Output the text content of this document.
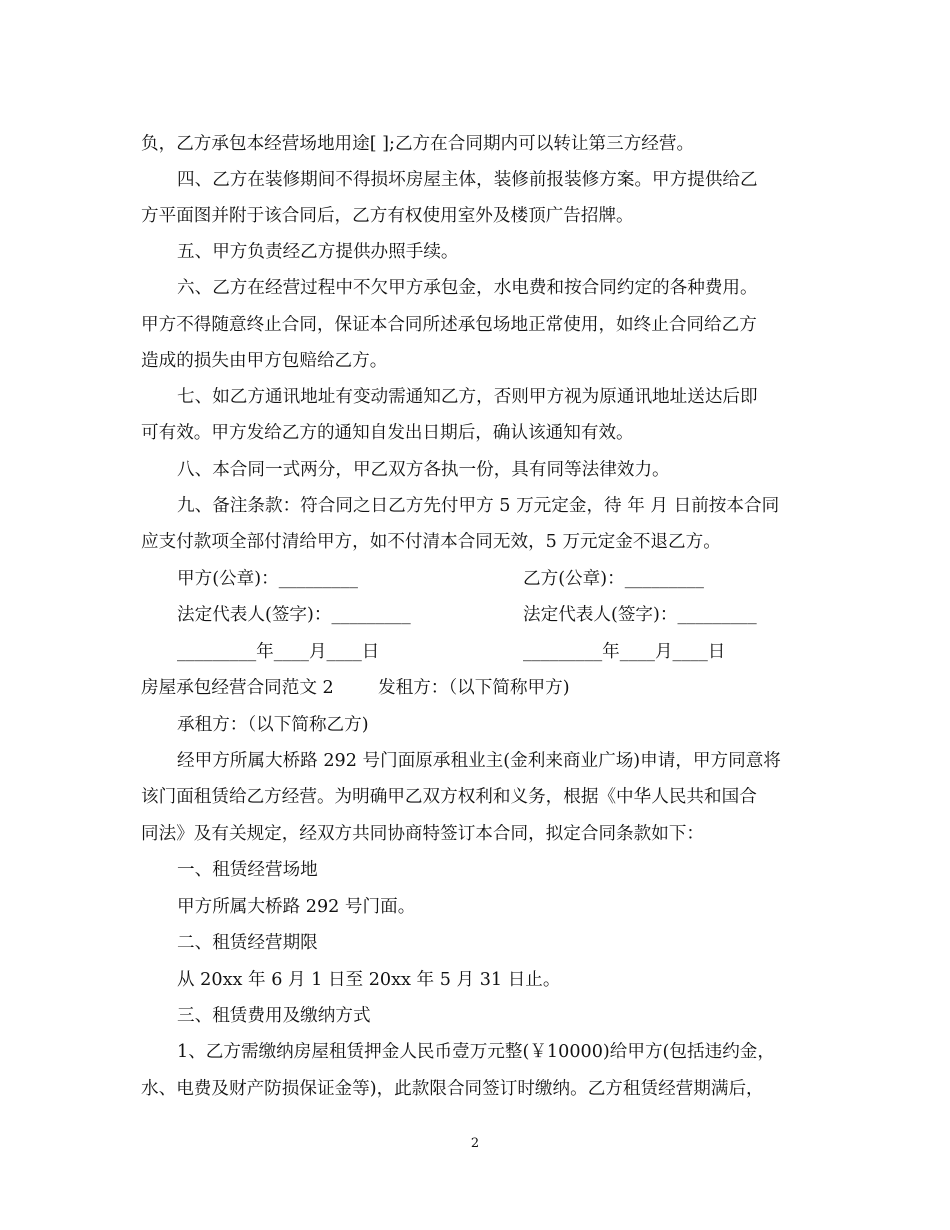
负，乙方承包本经营场地用途[ ];乙方在合同期内可以转让第三方经营。
四、乙方在装修期间不得损坏房屋主体，装修前报装修方案。甲方提供给乙
方平面图并附于该合同后，乙方有权使用室外及楼顶广告招牌。
五、甲方负责经乙方提供办照手续。
六、乙方在经营过程中不欠甲方承包金，水电费和按合同约定的各种费用。
甲方不得随意终止合同，保证本合同所述承包场地正常使用，如终止合同给乙方
造成的损失由甲方包赔给乙方。
七、如乙方通讯地址有变动需通知乙方，否则甲方视为原通讯地址送达后即
可有效。甲方发给乙方的通知自发出日期后，确认该通知有效。
八、本合同一式两分，甲乙双方各执一份，具有同等法律效力。
九、备注条款：符合同之日乙方先付甲方 5 万元定金，待 年 月 日前按本合同
应支付款项全部付清给甲方，如不付清本合同无效，5 万元定金不退乙方。
甲方(公章)：_________	乙方(公章)：_________
法定代表人(签字)：_________	法定代表人(签字)：_________
_________年____月____日	_________年____月____日
房屋承包经营合同范文 2	发租方：（以下简称甲方)
承租方：（以下简称乙方)
经甲方所属大桥路 292 号门面原承租业主(金利来商业广场)申请，甲方同意将
该门面租赁给乙方经营。为明确甲乙双方权利和义务，根据《中华人民共和国合
同法》及有关规定，经双方共同协商特签订本合同，拟定合同条款如下：
一、租赁经营场地
甲方所属大桥路 292 号门面。
二、租赁经营期限
从 20xx 年 6 月 1 日至 20xx 年 5 月 31 日止。
三、租赁费用及缴纳方式
1、乙方需缴纳房屋租赁押金人民币壹万元整(￥10000)给甲方(包括违约金，
水、电费及财产防损保证金等)，此款限合同签订时缴纳。乙方租赁经营期满后，
2
